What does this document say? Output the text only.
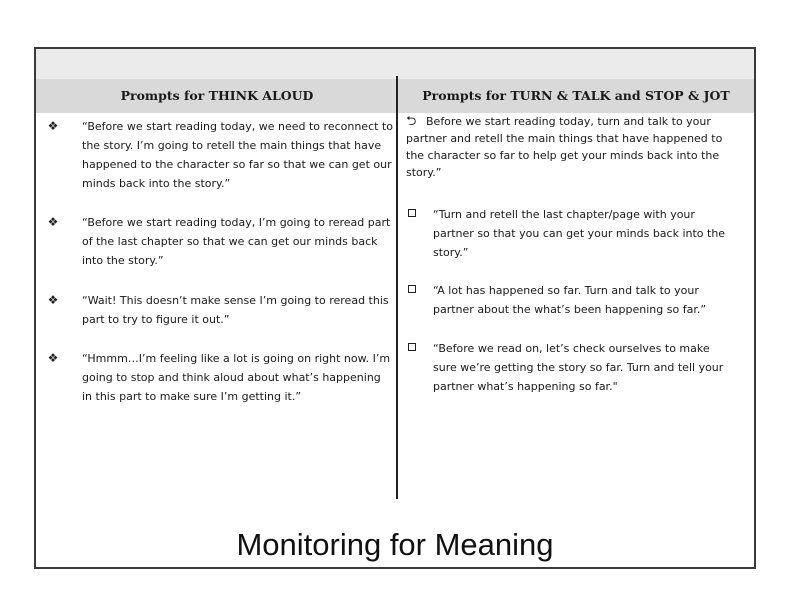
Prompts for THINK ALOUD	Prompts for TURN & TALK and STOP & JOT
❖ “Before we start reading today, we need to reconnect to the story. I’m going to retell the main things that have happened to the character so far so that we can get our minds back into the story.”
❖ “Before we start reading today, I’m going to reread part of the last chapter so that we can get our minds back into the story.”
❖ “Wait! This doesn’t make sense I’m going to reread this part to try to figure it out.”
❖ “Hmmm…I’m feeling like a lot is going on right now. I’m going to stop and think aloud about what’s happening in this part to make sure I’m getting it.”
⮌ Before we start reading today, turn and talk to your partner and retell the main things that have happened to the character so far to help get your minds back into the story.”
“Turn and retell the last chapter/page with your partner so that you can get your minds back into the story.”
“A lot has happened so far. Turn and talk to your partner about the what’s been happening so far.”
“Before we read on, let’s check ourselves to make sure we’re getting the story so far. Turn and tell your partner what’s happening so far."
Monitoring for Meaning
